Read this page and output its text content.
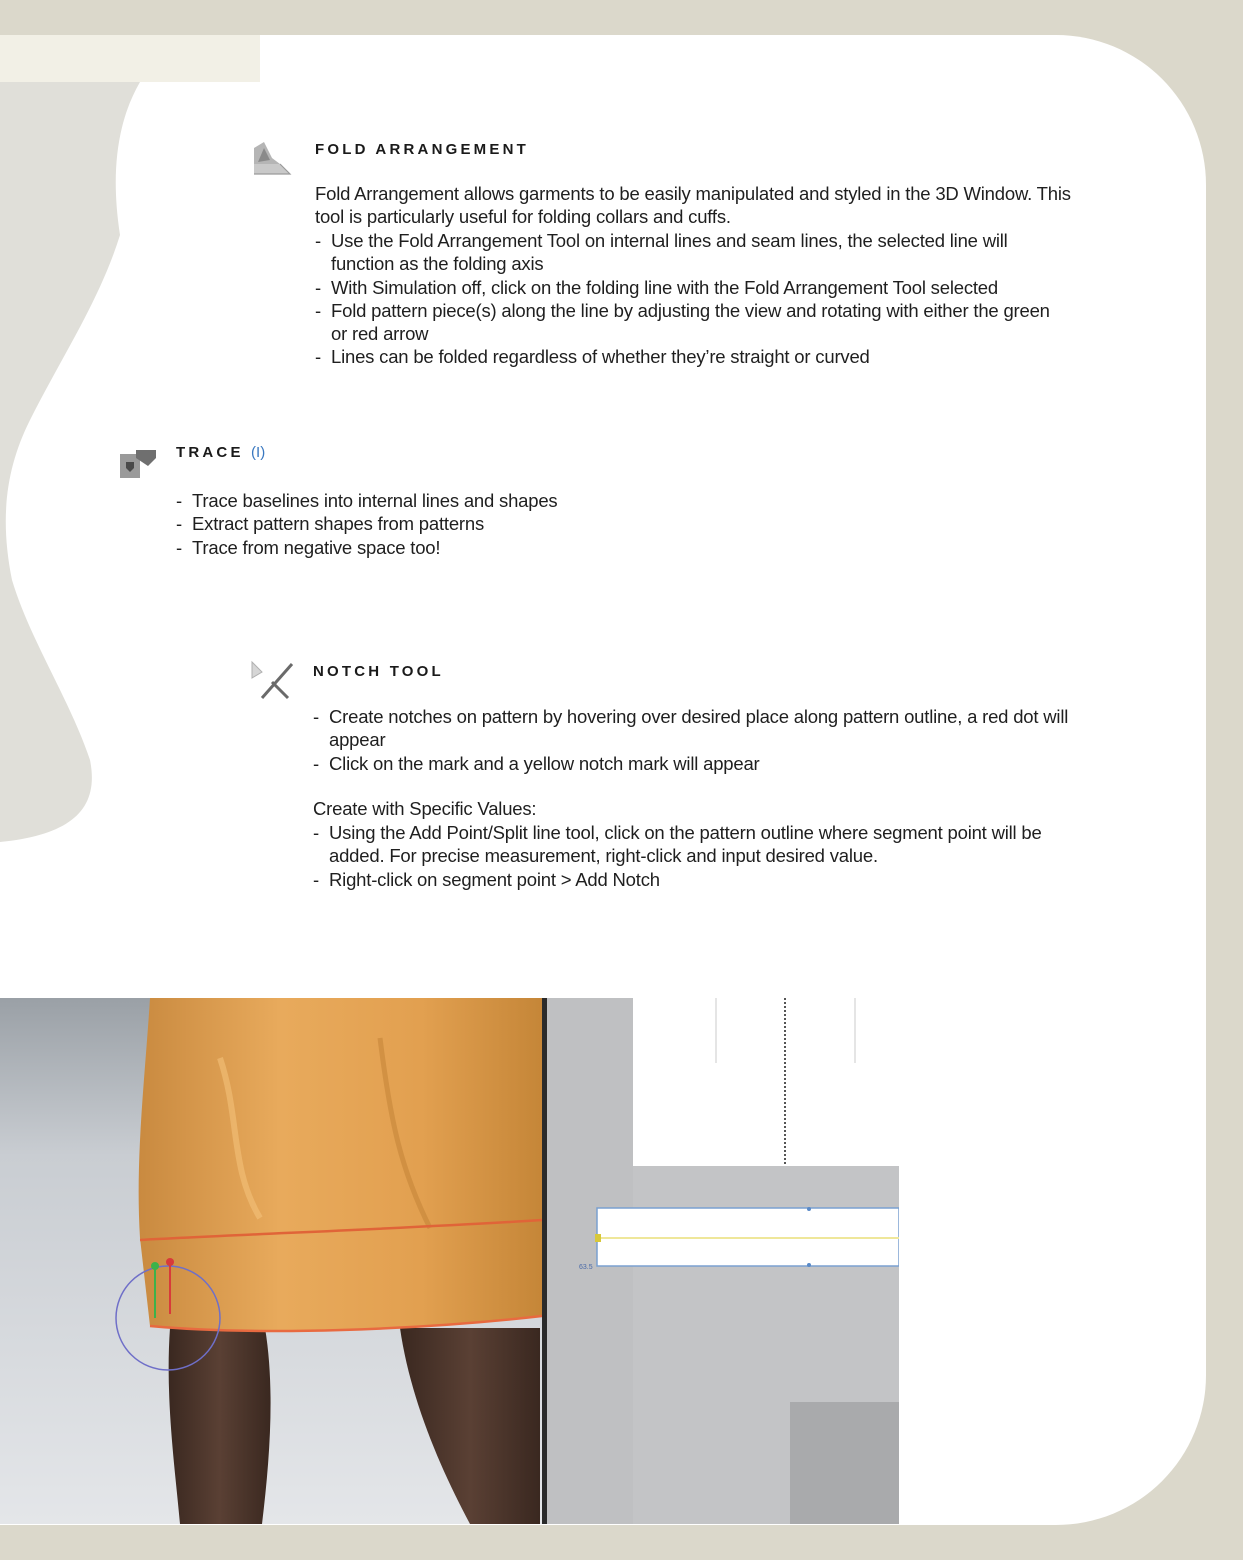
FOLD ARRANGEMENT

Fold Arrangement allows garments to be easily manipulated and styled in the 3D Window. This tool is particularly useful for folding collars and cuffs.

- Use the Fold Arrangement Tool on internal lines and seam lines, the selected line will function as the folding axis
- With Simulation off, click on the folding line with the Fold Arrangement Tool selected
- Fold pattern piece(s) along the line by adjusting the view and rotating with either the green or red arrow
- Lines can be folded regardless of whether they’re straight or curved
TRACE (I)
- Trace baselines into internal lines and shapes
- Extract pattern shapes from patterns
- Trace from negative space too!
NOTCH TOOL
- Create notches on pattern by hovering over desired place along pattern outline, a red dot will appear
- Click on the mark and a yellow notch mark will appear

Create with Specific Values:

- Using the Add Point/Split line tool, click on the pattern outline where segment point will be added. For precise measurement, right-click and input desired value.
- Right-click on segment point > Add Notch
63.5
